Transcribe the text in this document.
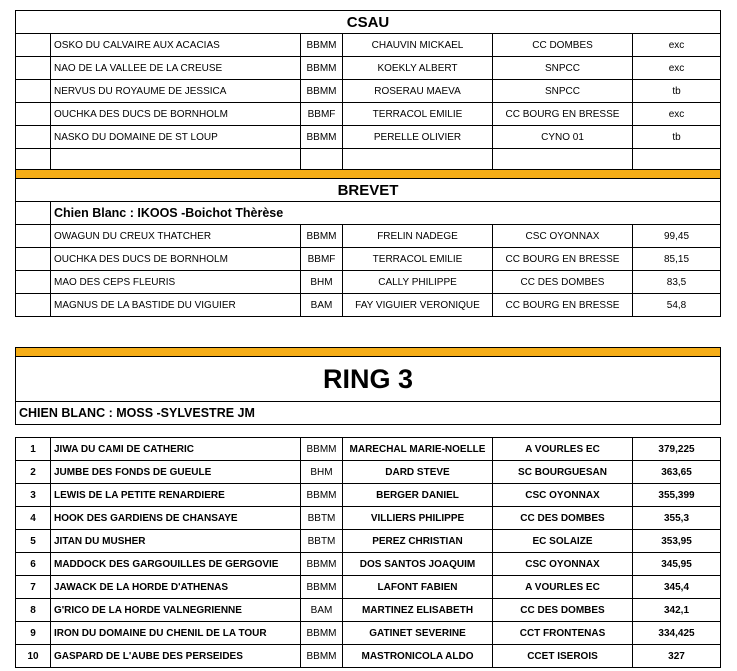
CSAU					
	OSKO DU CALVAIRE AUX ACACIAS	BBMM	CHAUVIN MICKAEL	CC DOMBES	exc
	NAO DE LA VALLEE DE LA CREUSE	BBMM	KOEKLY ALBERT	SNPCC	exc
	NERVUS DU ROYAUME DE JESSICA	BBMM	ROSERAU MAEVA	SNPCC	tb
	OUCHKA DES DUCS DE BORNHOLM	BBMF	TERRACOL EMILIE	CC BOURG EN BRESSE	exc
	NASKO DU DOMAINE DE ST LOUP	BBMM	PERELLE OLIVIER	CYNO 01	tb

BREVET					
	Chien Blanc : IKOOS -Boichot Thèrèse				
	OWAGUN DU CREUX THATCHER	BBMM	FRELIN NADEGE	CSC OYONNAX	99,45
	OUCHKA DES DUCS DE BORNHOLM	BBMF	TERRACOL EMILIE	CC BOURG EN BRESSE	85,15
	MAO DES CEPS FLEURIS	BHM	CALLY PHILIPPE	CC DES DOMBES	83,5
	MAGNUS DE LA BASTIDE DU VIGUIER	BAM	FAY VIGUIER VERONIQUE	CC BOURG EN BRESSE	54,8

RING 3					
CHIEN BLANC : MOSS -SYLVESTRE JM					

1	JIWA DU CAMI DE CATHERIC	BBMM	MARECHAL MARIE-NOELLE	A VOURLES EC	379,225
2	JUMBE DES FONDS DE GUEULE	BHM	DARD STEVE	SC BOURGUESAN	363,65
3	LEWIS DE LA PETITE RENARDIERE	BBMM	BERGER DANIEL	CSC OYONNAX	355,399
4	HOOK DES GARDIENS DE CHANSAYE	BBTM	VILLIERS PHILIPPE	CC DES DOMBES	355,3
5	JITAN DU MUSHER	BBTM	PEREZ CHRISTIAN	EC SOLAIZE	353,95
6	MADDOCK DES GARGOUILLES DE GERGOVIE	BBMM	DOS SANTOS JOAQUIM	CSC OYONNAX	345,95
7	JAWACK DE LA HORDE D'ATHENAS	BBMM	LAFONT FABIEN	A VOURLES EC	345,4
8	G'RICO DE LA HORDE VALNEGRIENNE	BAM	MARTINEZ ELISABETH	CC DES DOMBES	342,1
9	IRON DU DOMAINE DU CHENIL DE LA TOUR	BBMM	GATINET SEVERINE	CCT FRONTENAS	334,425
10	GASPARD DE L'AUBE DES PERSEIDES	BBMM	MASTRONICOLA ALDO	CCET ISEROIS	327
